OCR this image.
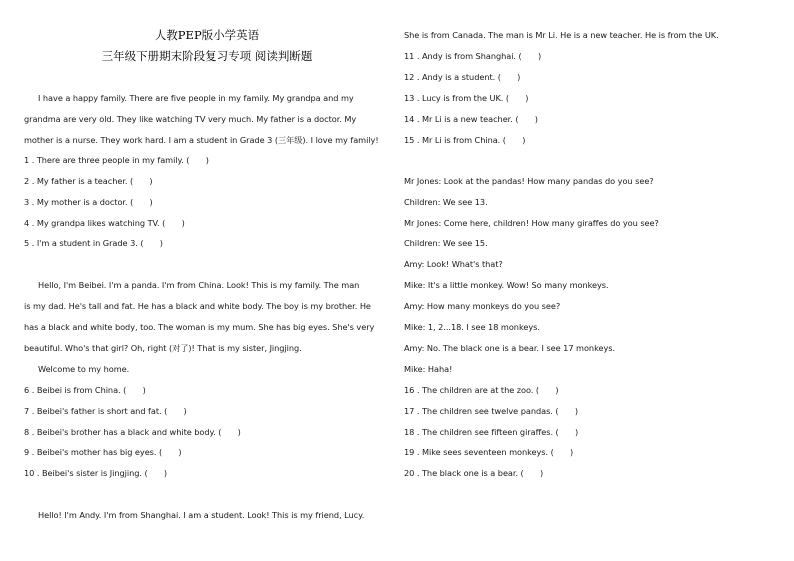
人教PEP版小学英语
三年级下册期末阶段复习专项 阅读判断题
I have a happy family. There are five people in my family. My grandpa and my
grandma are very old. They like watching TV very much. My father is a doctor. My
mother is a nurse. They work hard. I am a student in Grade 3 (三年级). I love my family!
1 . There are three people in my family. (　　)
2 . My father is a teacher. (　　)
3 . My mother is a doctor. (　　)
4 . My grandpa likes watching TV. (　　)
5 . I'm a student in Grade 3. (　　)
Hello, I'm Beibei. I'm a panda. I'm from China. Look! This is my family. The man
is my dad. He's tall and fat. He has a black and white body. The boy is my brother. He
has a black and white body, too. The woman is my mum. She has big eyes. She's very
beautiful. Who's that girl? Oh, right (对了)! That is my sister, Jingjing.
Welcome to my home.
6 . Beibei is from China. (　　)
7 . Beibei's father is short and fat. (　　)
8 . Beibei's brother has a black and white body. (　　)
9 . Beibei's mother has big eyes. (　　)
10 . Beibei's sister is Jingjing. (　　)
Hello! I'm Andy. I'm from Shanghai. I am a student. Look! This is my friend, Lucy.
She is from Canada. The man is Mr Li. He is a new teacher. He is from the UK.
11 . Andy is from Shanghai. (　　)
12 . Andy is a student. (　　)
13 . Lucy is from the UK. (　　)
14 . Mr Li is a new teacher. (　　)
15 . Mr Li is from China. (　　)
Mr Jones: Look at the pandas! How many pandas do you see?
Children: We see 13.
Mr Jones: Come here, children! How many giraffes do you see?
Children: We see 15.
Amy: Look! What's that?
Mike: It's a little monkey. Wow! So many monkeys.
Amy: How many monkeys do you see?
Mike: 1, 2...18. I see 18 monkeys.
Amy: No. The black one is a bear. I see 17 monkeys.
Mike: Haha!
16 . The children are at the zoo. (　　)
17 . The children see twelve pandas. (　　)
18 . The children see fifteen giraffes. (　　)
19 . Mike sees seventeen monkeys. (　　)
20 . The black one is a bear. (　　)
